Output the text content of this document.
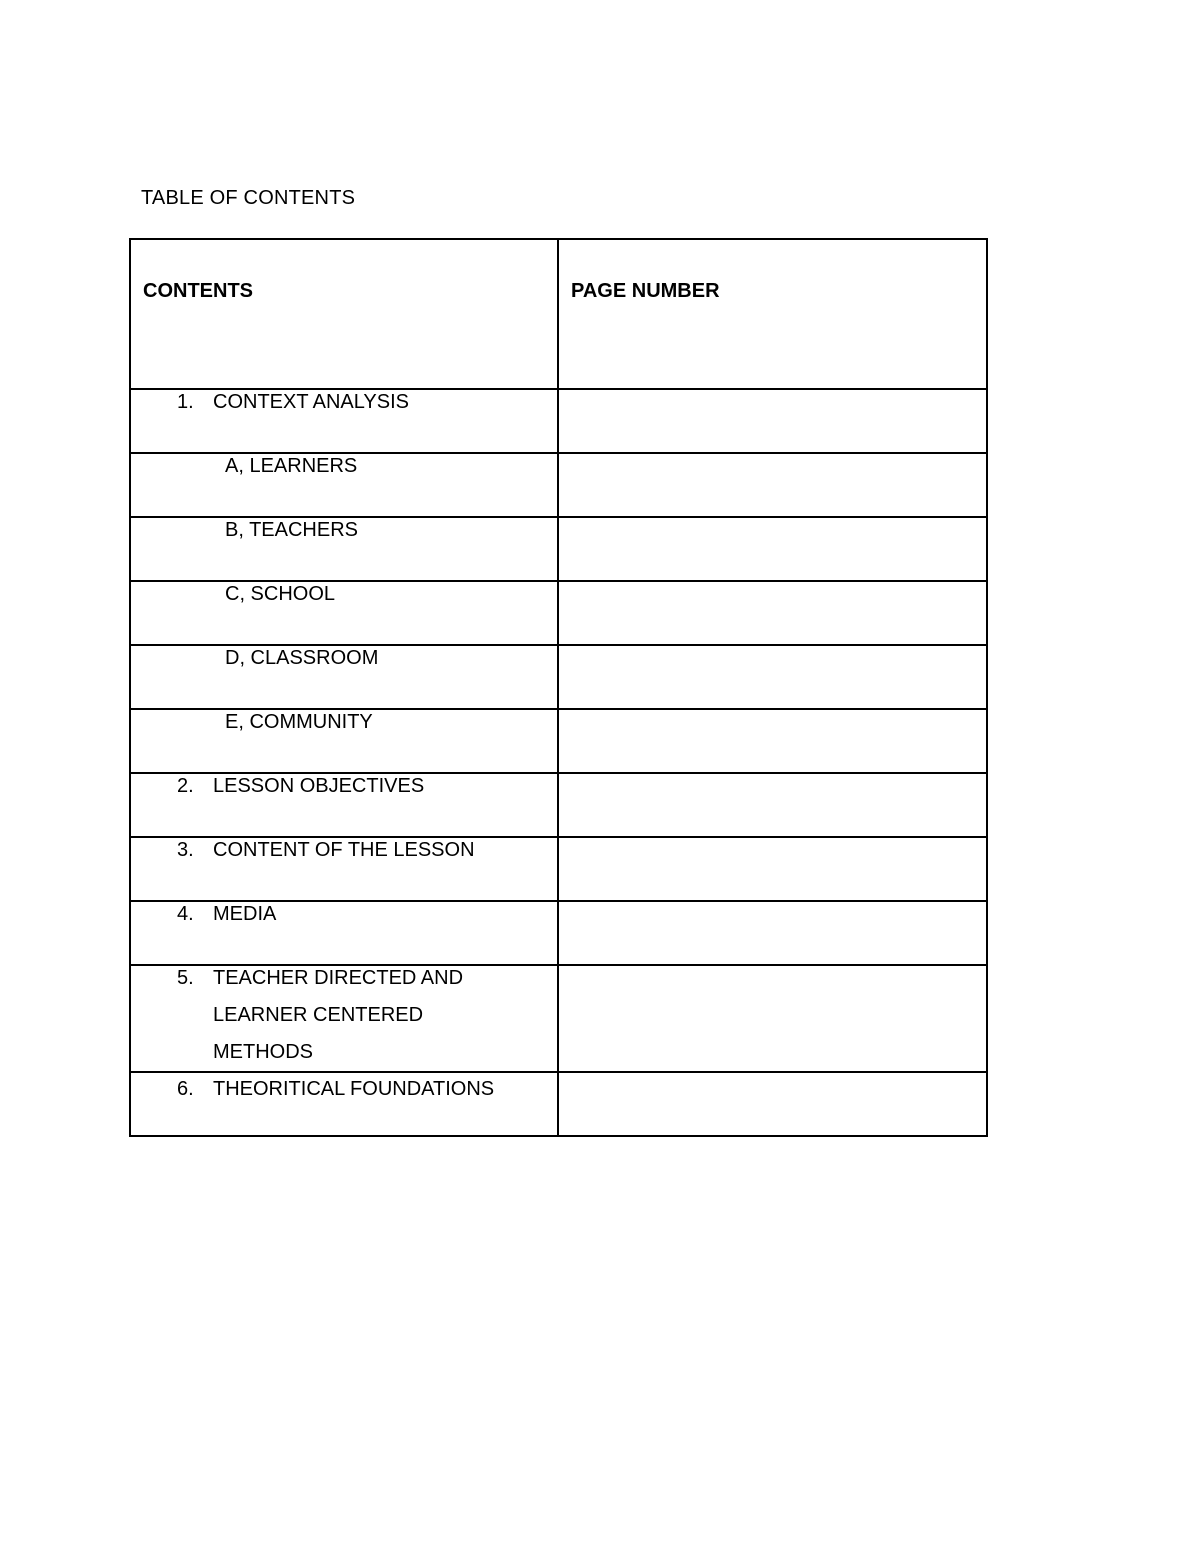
TABLE OF CONTENTS
CONTENTS	PAGE NUMBER

1. CONTEXT ANALYSIS	

A, LEARNERS	

B, TEACHERS	

C, SCHOOL	

D, CLASSROOM	

E, COMMUNITY	

2. LESSON OBJECTIVES	

3. CONTENT OF THE LESSON	

4. MEDIA	

5. TEACHER DIRECTED AND LEARNER CENTERED METHODS	

6. THEORITICAL FOUNDATIONS	
